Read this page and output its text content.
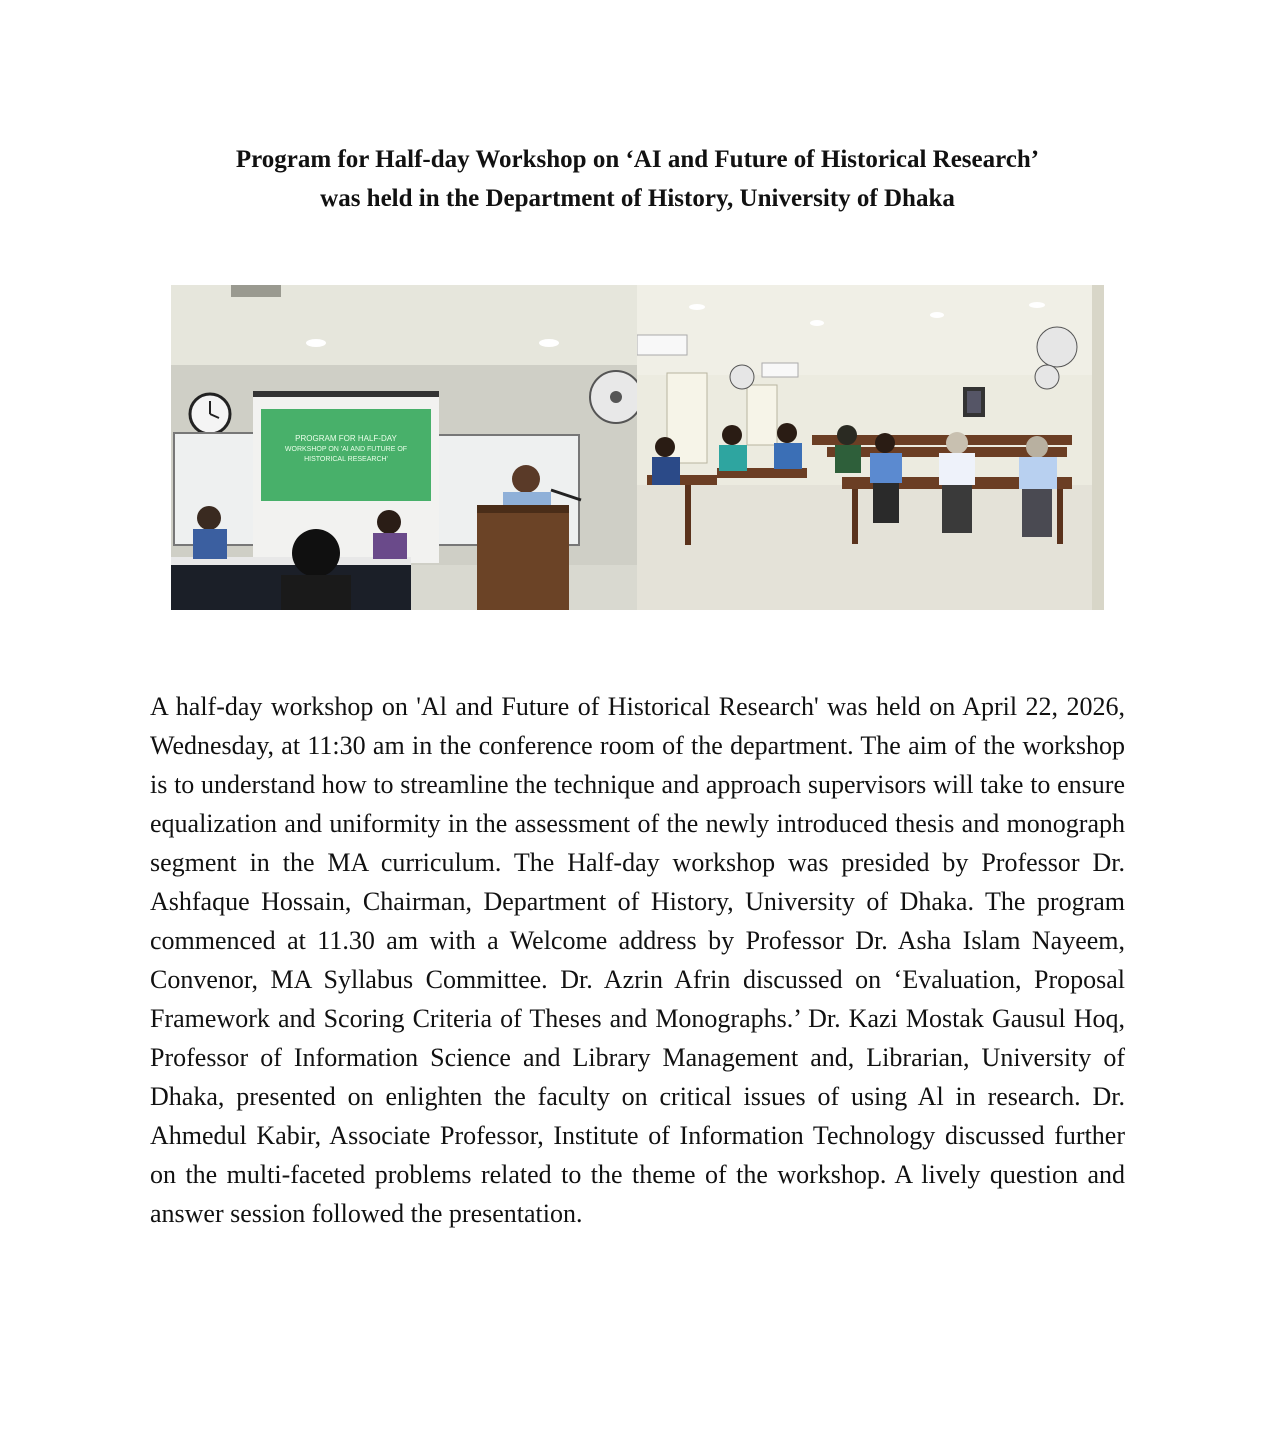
Program for Half-day Workshop on ‘AI and Future of Historical Research’
was held in the Department of History, University of Dhaka
PROGRAM FOR HALF-DAY
WORKSHOP ON 'AI AND FUTURE OF
HISTORICAL RESEARCH'

A half-day workshop on 'Al and Future of Historical Research' was held on April 22, 2026, Wednesday, at 11:30 am in the conference room of the department. The aim of the workshop is to understand how to streamline the technique and approach supervisors will take to ensure equalization and uniformity in the assessment of the newly introduced thesis and monograph segment in the MA curriculum. The Half-day workshop was presided by Professor Dr. Ashfaque Hossain, Chairman, Department of History, University of Dhaka. The program commenced at 11.30 am with a Welcome address by Professor Dr. Asha Islam Nayeem, Convenor, MA Syllabus Committee. Dr. Azrin Afrin discussed on ‘Evaluation, Proposal Framework and Scoring Criteria of Theses and Monographs.’ Dr. Kazi Mostak Gausul Hoq, Professor of Information Science and Library Management and, Librarian, University of Dhaka, presented on enlighten the faculty on critical issues of using Al in research. Dr. Ahmedul Kabir, Associate Professor, Institute of Information Technology discussed further on the multi-faceted problems related to the theme of the workshop. A lively question and answer session followed the presentation.
